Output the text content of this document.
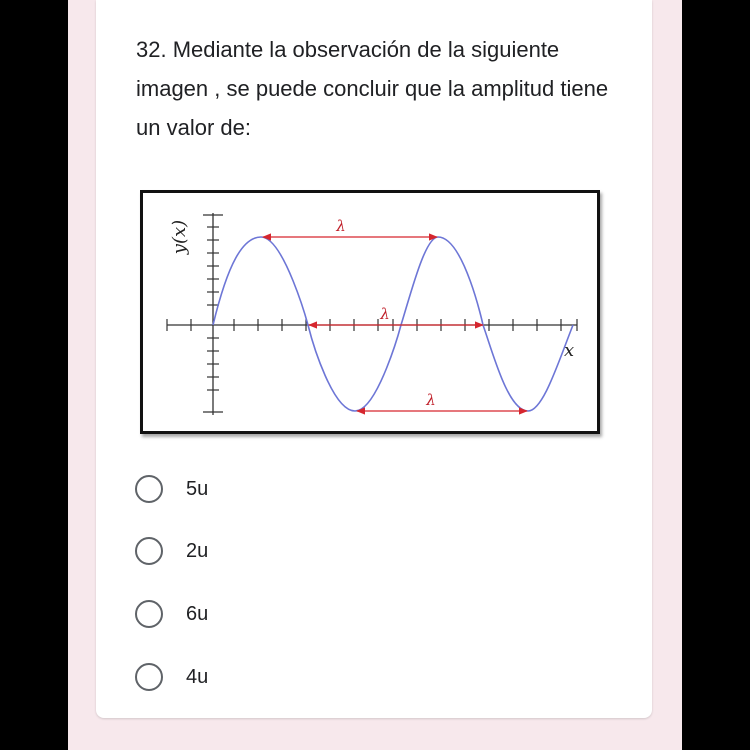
32. Mediante la observación de la siguiente imagen , se puede concluir que la amplitud tiene un valor de:

y(x)
x
λ
λ
λ
5u
2u
6u
4u
